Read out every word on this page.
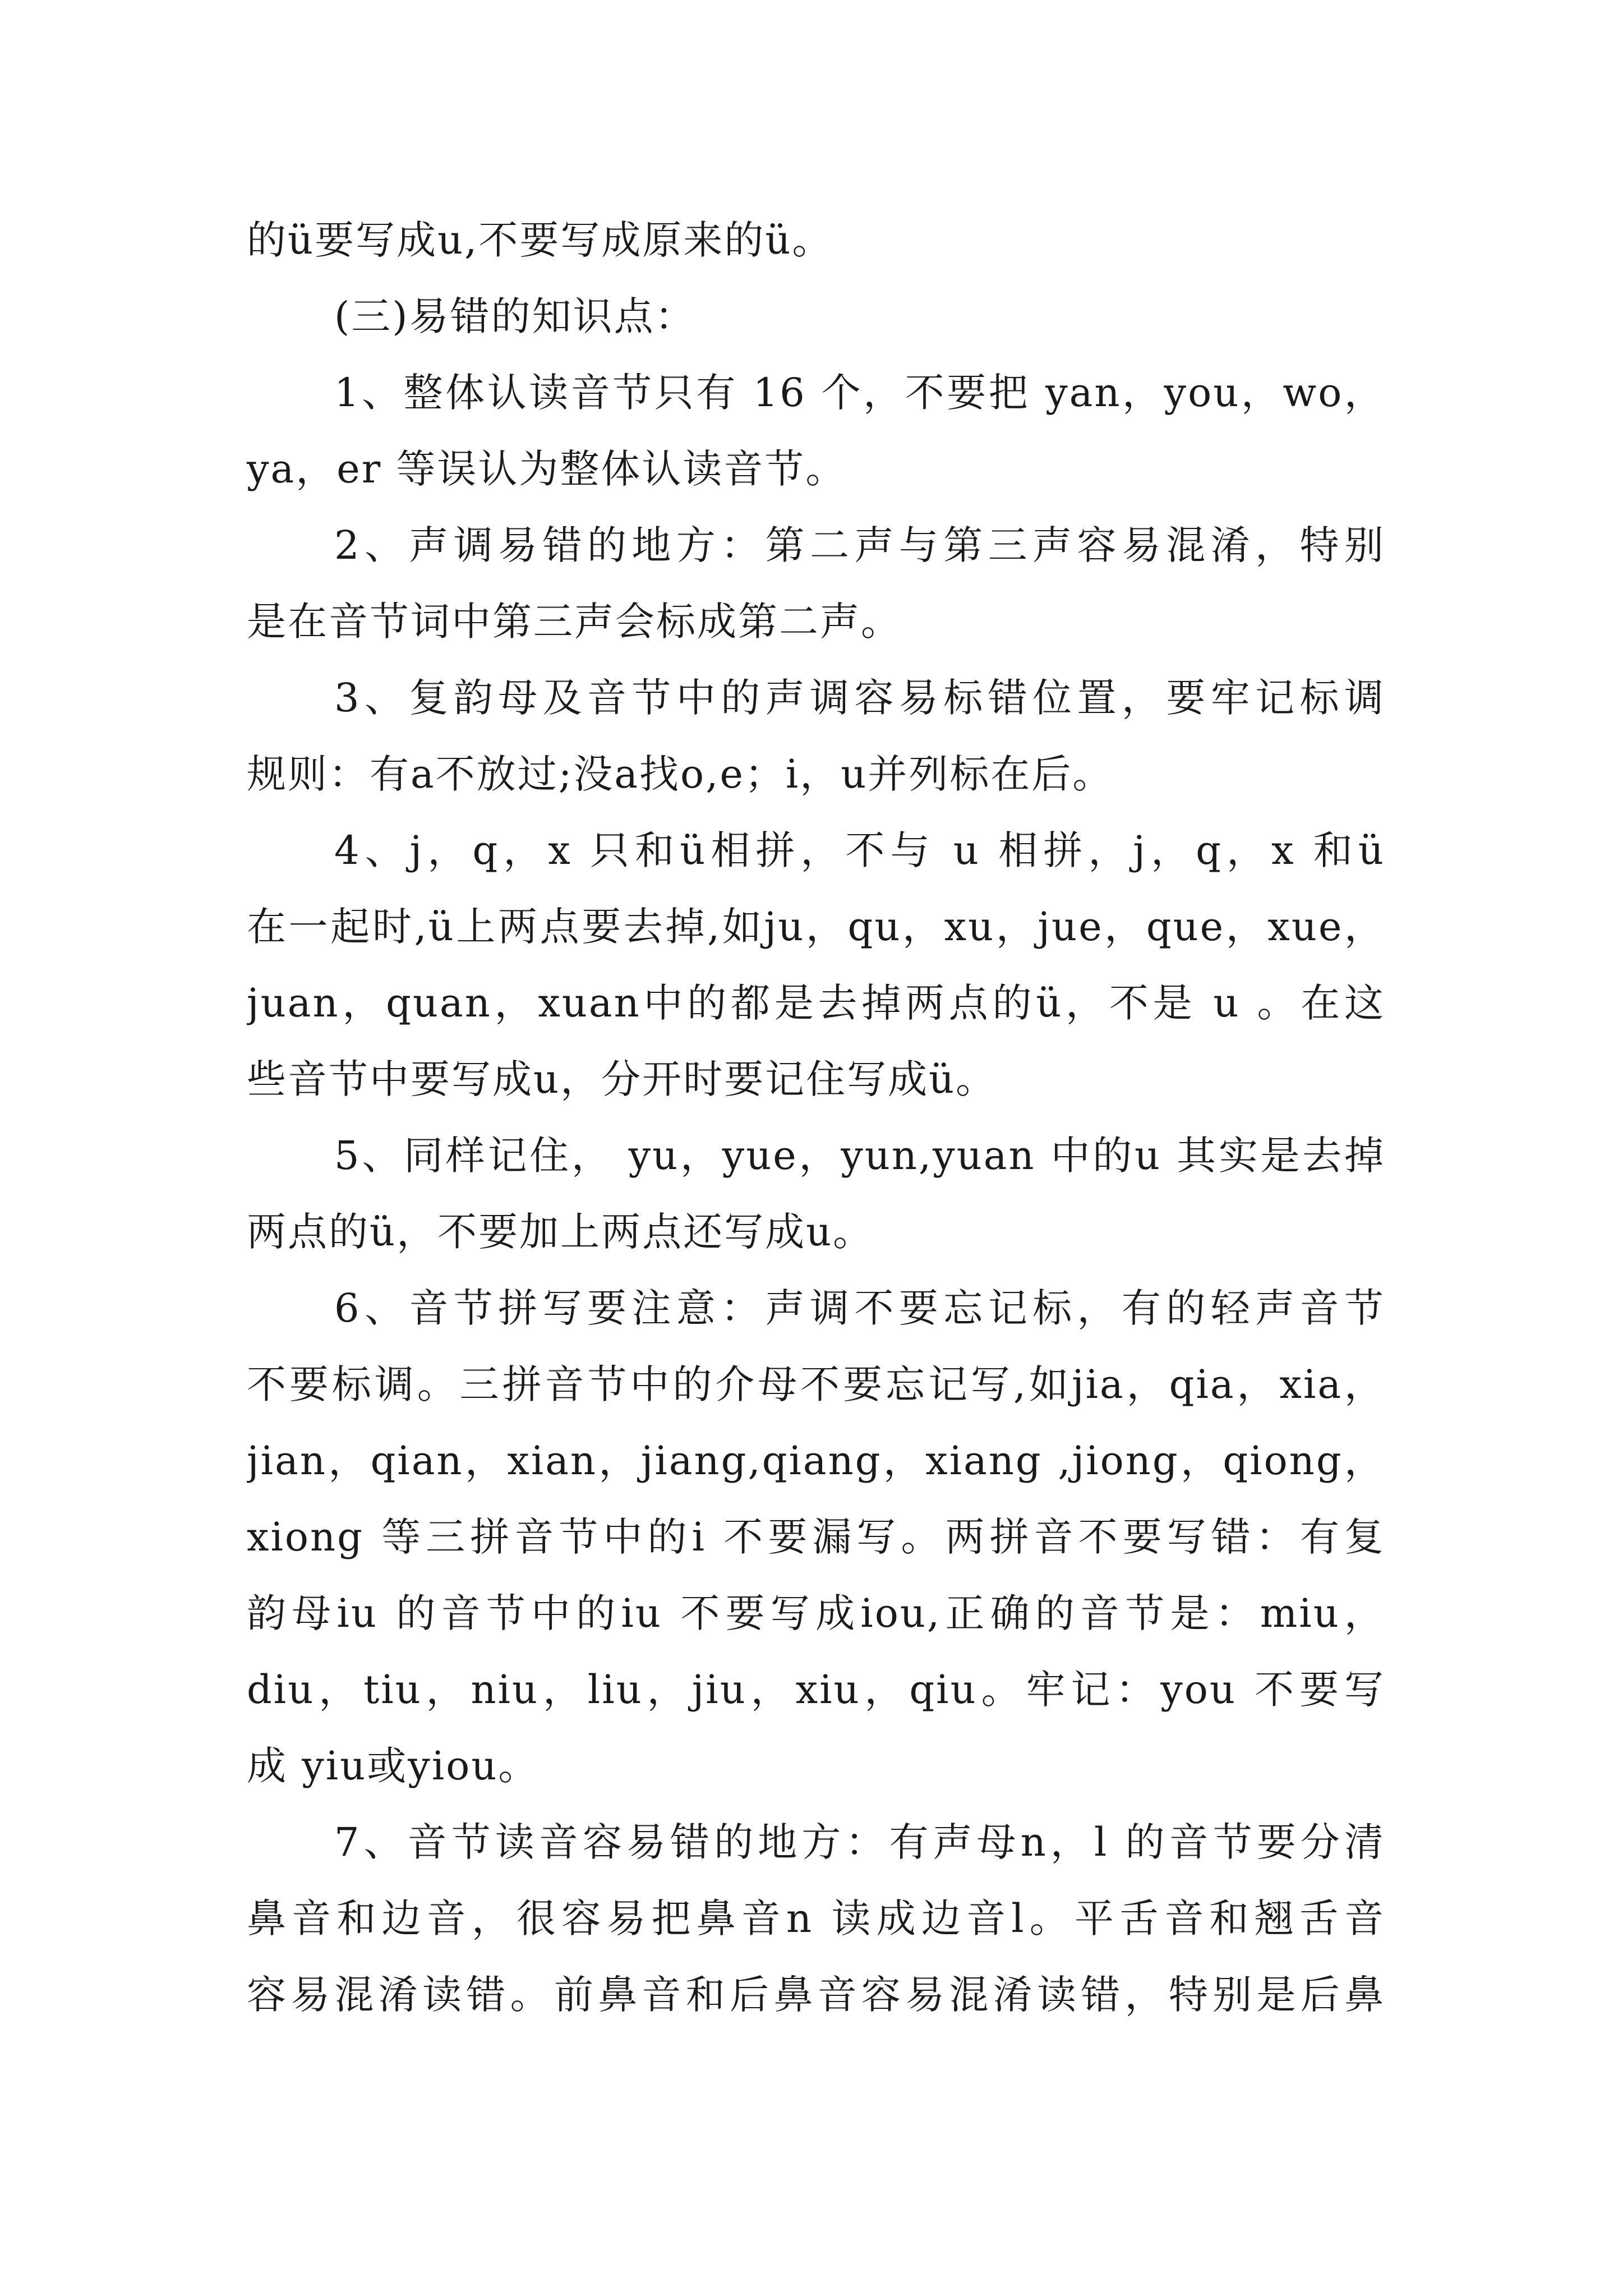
的ü要写成u,不要写成原来的ü。
(三)易错的知识点：
1、整体认读音节只有 16 个，不要把 yan，you，wo，
ya，er 等误认为整体认读音节。
2、声调易错的地方：第二声与第三声容易混淆，特别
是在音节词中第三声会标成第二声。
3、复韵母及音节中的声调容易标错位置，要牢记标调
规则：有a不放过;没a找o,e；i，u并列标在后。
4、j，q，x 只和ü相拼，不与 u 相拼，j，q，x 和ü
在一起时,ü上两点要去掉,如ju，qu，xu，jue，que，xue，
juan，quan，xuan中的都是去掉两点的ü，不是 u 。在这
些音节中要写成u，分开时要记住写成ü。
5、同样记住， yu，yue，yun,yuan 中的u 其实是去掉
两点的ü，不要加上两点还写成u。
6、音节拼写要注意：声调不要忘记标，有的轻声音节
不要标调。三拼音节中的介母不要忘记写,如jia，qia，xia，
jian，qian，xian，jiang,qiang，xiang ,jiong，qiong，
xiong 等三拼音节中的i 不要漏写。两拼音不要写错：有复
韵母iu 的音节中的iu 不要写成iou,正确的音节是：miu，
diu，tiu，niu，liu，jiu，xiu，qiu。牢记：you 不要写
成 yiu或yiou。
7、音节读音容易错的地方：有声母n，l 的音节要分清
鼻音和边音，很容易把鼻音n 读成边音l。平舌音和翘舌音
容易混淆读错。前鼻音和后鼻音容易混淆读错，特别是后鼻
